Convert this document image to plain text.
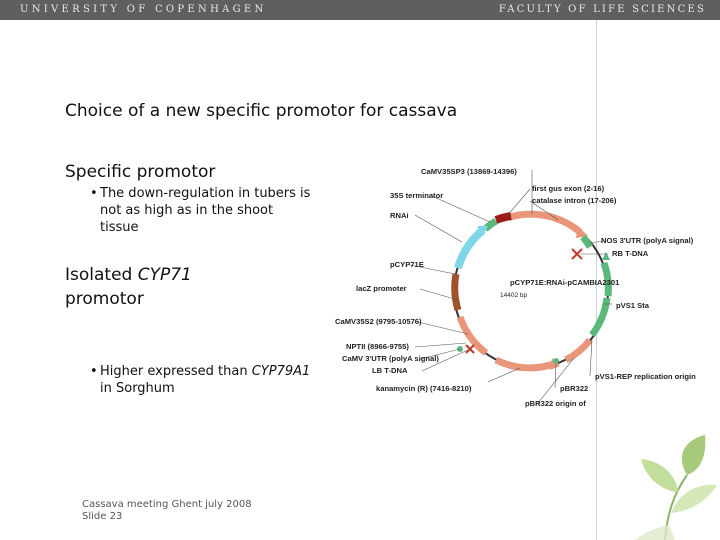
UNIVERSITY OF COPENHAGEN	FACULTY OF LIFE SCIENCES
Choice of a new specific promotor for cassava
Specific promotor
• The down-regulation in tubers is not as high as in the shoot tissue
Isolated CYP71
promotor
• Higher expressed than CYP79A1 in Sorghum
Cassava meeting Ghent july 2008
Slide 23
pCYP71E:RNAi-pCAMBIA2301
14402 bp
CaMV35SP3 (13869-14396)
35S terminator
first gus exon (2-16)
catalase intron (17-206)
RNAi
NOS 3'UTR (polyA signal)
RB T-DNA
pCYP71E
lacZ promoter
pVS1 Sta
CaMV35S2 (9795-10576)
NPTII (8966-9755)
CaMV 3'UTR (polyA signal)
LB T-DNA
kanamycin (R) (7416-8210)
pVS1-REP replication origin
pBR322
pBR322 origin of
